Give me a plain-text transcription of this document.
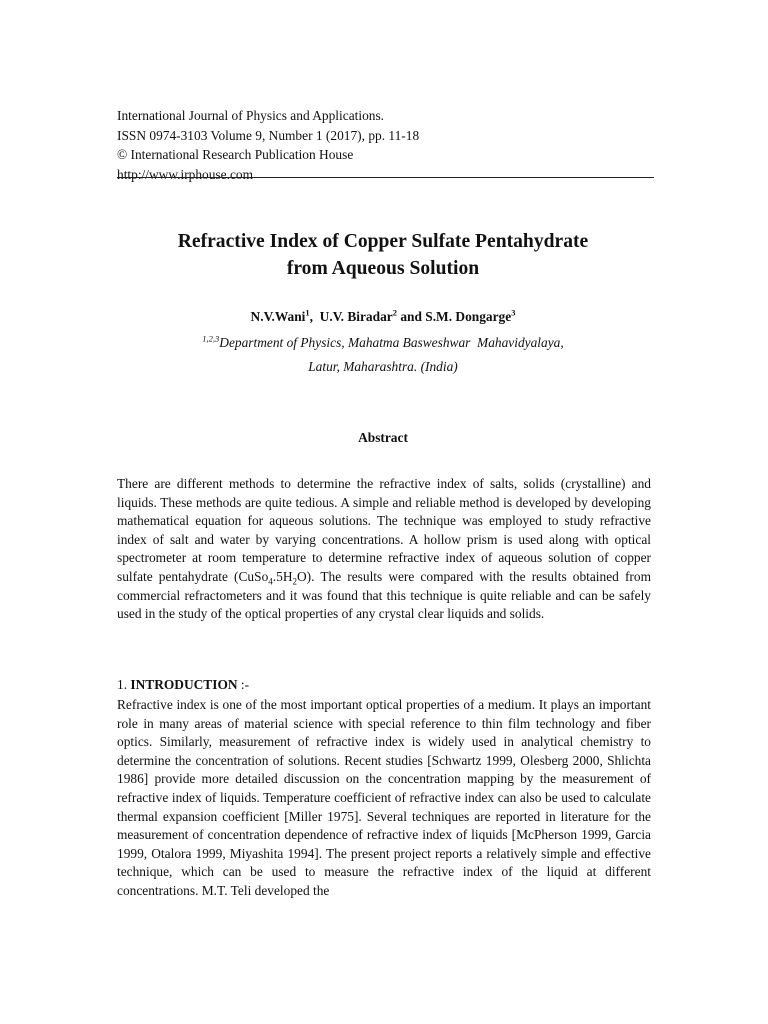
International Journal of Physics and Applications.
ISSN 0974-3103 Volume 9, Number 1 (2017), pp. 11-18
© International Research Publication House
http://www.irphouse.com
Refractive Index of Copper Sulfate Pentahydrate
from Aqueous Solution
N.V.Wani$^1$,  U.V. Biradar$^2$ and S.M. Dongarge$^3$
$^{1,2,3}$Department of Physics, Mahatma Basweshwar  Mahavidyalaya,
Latur, Maharashtra. (India)
Abstract

There are different methods to determine the refractive index of salts, solids (crystalline) and liquids. These methods are quite tedious. A simple and reliable method is developed by developing mathematical equation for aqueous solutions. The technique was employed to study refractive index of salt and water by varying concentrations. A hollow prism is used along with optical spectrometer at room temperature to determine refractive index of aqueous solution of copper sulfate pentahydrate $(CuSo_4.5H_2O)$. The results were compared with the results obtained from commercial refractometers and it was found that this technique is quite reliable and can be safely used in the study of the optical properties of any crystal clear liquids and solids.

1. INTRODUCTION :-

Refractive index is one of the most important optical properties of a medium. It plays an important role in many areas of material science with special reference to thin film technology and fiber optics. Similarly, measurement of refractive index is widely used in analytical chemistry to determine the concentration of solutions. Recent studies [Schwartz 1999, Olesberg 2000, Shlichta 1986] provide more detailed discussion on the concentration mapping by the measurement of refractive index of liquids. Temperature coefficient of refractive index can also be used to calculate thermal expansion coefficient [Miller 1975]. Several techniques are reported in literature for the measurement of concentration dependence of refractive index of liquids [McPherson 1999, Garcia 1999, Otalora 1999, Miyashita 1994]. The present project reports a relatively simple and effective technique, which can be used to measure the refractive index of the liquid at different concentrations. M.T. Teli developed the
